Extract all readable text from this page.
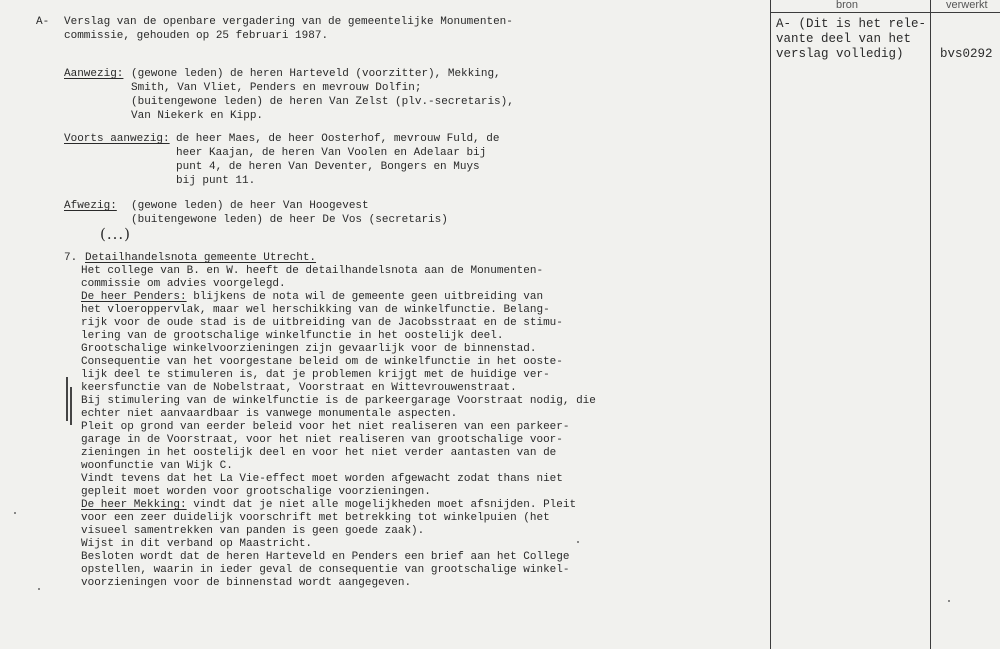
bron	verwerkt
A- (Dit is het rele-
vante deel van het
verslag volledig)	bvs0292
A- Verslag van de openbare vergadering van de gemeentelijke Monumenten-
commissie, gehouden op 25 februari 1987.
Aanwezig: (gewone leden) de heren Harteveld (voorzitter), Mekking,
Smith, Van Vliet, Penders en mevrouw Dolfin;
(buitengewone leden) de heren Van Zelst (plv.-secretaris),
Van Niekerk en Kipp.
Voorts aanwezig: de heer Maes, de heer Oosterhof, mevrouw Fuld, de
heer Kaajan, de heren Van Voolen en Adelaar bij
punt 4, de heren Van Deventer, Bongers en Muys
bij punt 11.
Afwezig: (gewone leden) de heer Van Hoogevest
(buitengewone leden) de heer De Vos (secretaris)
(...)
7. Detailhandelsnota gemeente Utrecht.
Het college van B. en W. heeft de detailhandelsnota aan de Monumenten-
commissie om advies voorgelegd.
De heer Penders: blijkens de nota wil de gemeente geen uitbreiding van
het vloeroppervlak, maar wel herschikking van de winkelfunctie. Belang-
rijk voor de oude stad is de uitbreiding van de Jacobsstraat en de stimu-
lering van de grootschalige winkelfunctie in het oostelijk deel.
Grootschalige winkelvoorzieningen zijn gevaarlijk voor de binnenstad.
Consequentie van het voorgestane beleid om de winkelfunctie in het ooste-
lijk deel te stimuleren is, dat je problemen krijgt met de huidige ver-
keersfunctie van de Nobelstraat, Voorstraat en Wittevrouwenstraat.
Bij stimulering van de winkelfunctie is de parkeergarage Voorstraat nodig, die
echter niet aanvaardbaar is vanwege monumentale aspecten.
Pleit op grond van eerder beleid voor het niet realiseren van een parkeer-
garage in de Voorstraat, voor het niet realiseren van grootschalige voor-
zieningen in het oostelijk deel en voor het niet verder aantasten van de
woonfunctie van Wijk C.
Vindt tevens dat het La Vie-effect moet worden afgewacht zodat thans niet
gepleit moet worden voor grootschalige voorzieningen.
De heer Mekking: vindt dat je niet alle mogelijkheden moet afsnijden. Pleit
voor een zeer duidelijk voorschrift met betrekking tot winkelpuien (het
visueel samentrekken van panden is geen goede zaak).
Wijst in dit verband op Maastricht.
Besloten wordt dat de heren Harteveld en Penders een brief aan het College
opstellen, waarin in ieder geval de consequentie van grootschalige winkel-
voorzieningen voor de binnenstad wordt aangegeven.
